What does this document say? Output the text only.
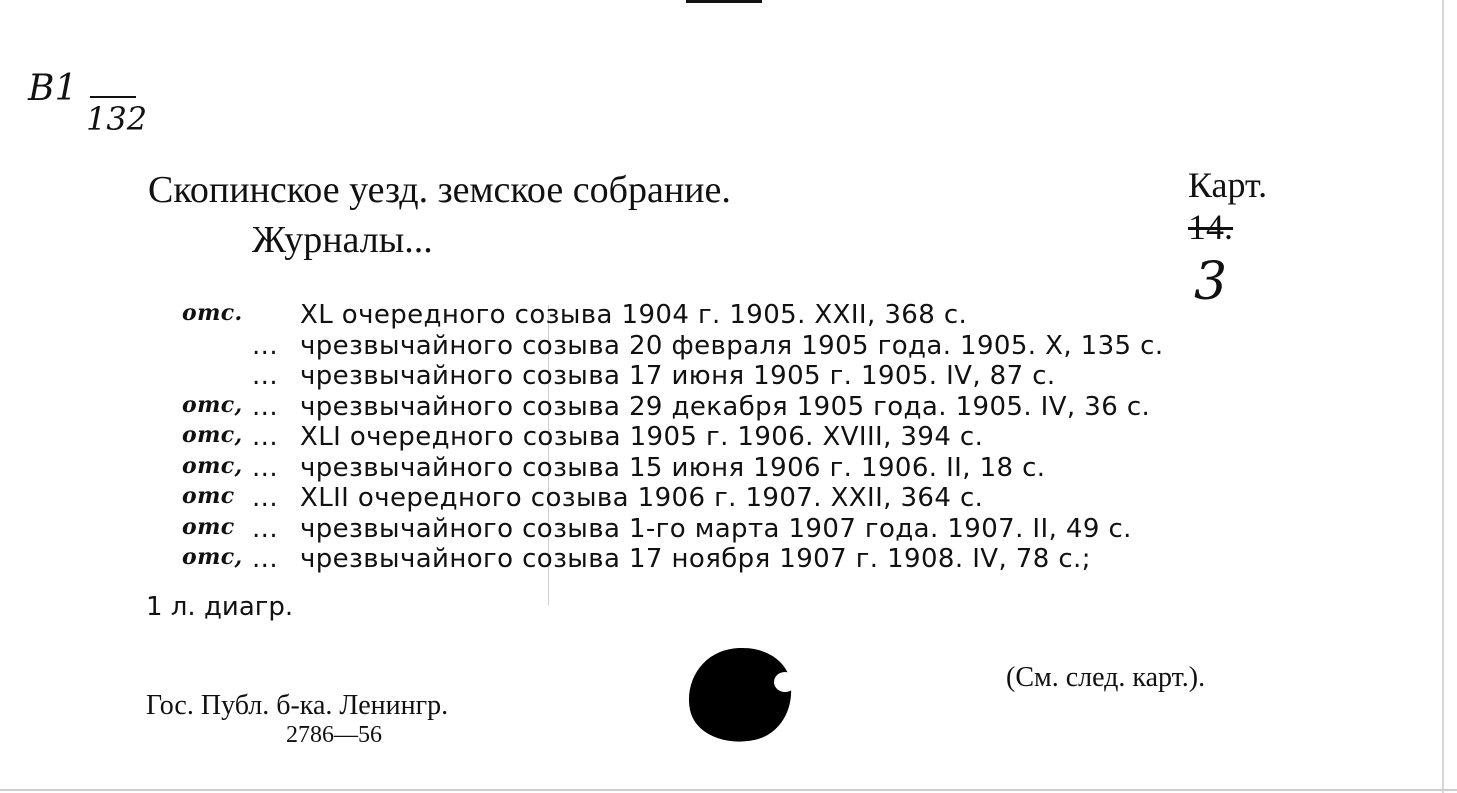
B1
132

Карт.
14.
3

Скопинское уезд. земское собрание.
Журналы...
отс.	XL очередного созыва 1904 г. 1905. XXII, 368 с.
... чрезвычайного созыва 20 февраля 1905 года. 1905. X, 135 с.
... чрезвычайного созыва 17 июня 1905 г. 1905. IV, 87 с.
отс, ... чрезвычайного созыва 29 декабря 1905 года. 1905. IV, 36 с.
отс, ... XLI очередного созыва 1905 г. 1906. XVIII, 394 с.
отс, ... чрезвычайного созыва 15 июня 1906 г. 1906. II, 18 с.
отс ... XLII очередного созыва 1906 г. 1907. XXII, 364 с.
отс ... чрезвычайного созыва 1-го марта 1907 года. 1907. II, 49 с.
отс, ... чрезвычайного созыва 17 ноября 1907 г. 1908. IV, 78 с.;
1 л. диагр.
(См. след. карт.).
Гос. Публ. б-ка. Ленингр.
2786—56
